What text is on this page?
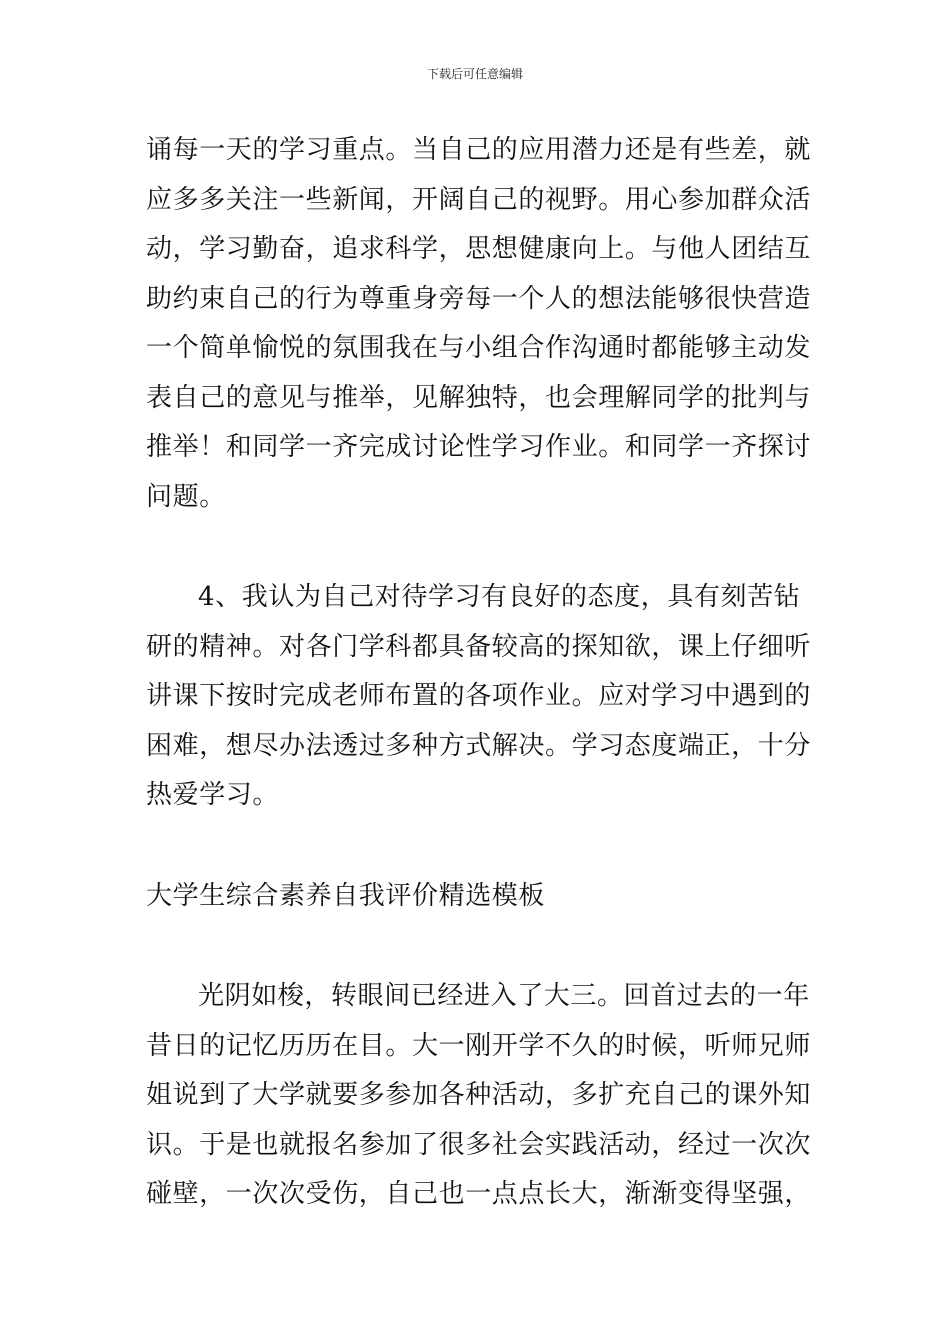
下载后可任意编辑

诵每一天的学习重点。当自己的应用潜力还是有些差，就应多多关注一些新闻，开阔自己的视野。用心参加群众活动，学习勤奋，追求科学，思想健康向上。与他人团结互助约束自己的行为尊重身旁每一个人的想法能够很快营造一个简单愉悦的氛围我在与小组合作沟通时都能够主动发表自己的意见与推举，见解独特，也会理解同学的批判与推举！和同学一齐完成讨论性学习作业。和同学一齐探讨问题。

4、我认为自己对待学习有良好的态度，具有刻苦钻研的精神。对各门学科都具备较高的探知欲，课上仔细听讲课下按时完成老师布置的各项作业。应对学习中遇到的困难，想尽办法透过多种方式解决。学习态度端正，十分热爱学习。

大学生综合素养自我评价精选模板

光阴如梭，转眼间已经进入了大三。回首过去的一年昔日的记忆历历在目。大一刚开学不久的时候，听师兄师姐说到了大学就要多参加各种活动，多扩充自己的课外知识。于是也就报名参加了很多社会实践活动，经过一次次碰壁，一次次受伤，自己也一点点长大，渐渐变得坚强，
